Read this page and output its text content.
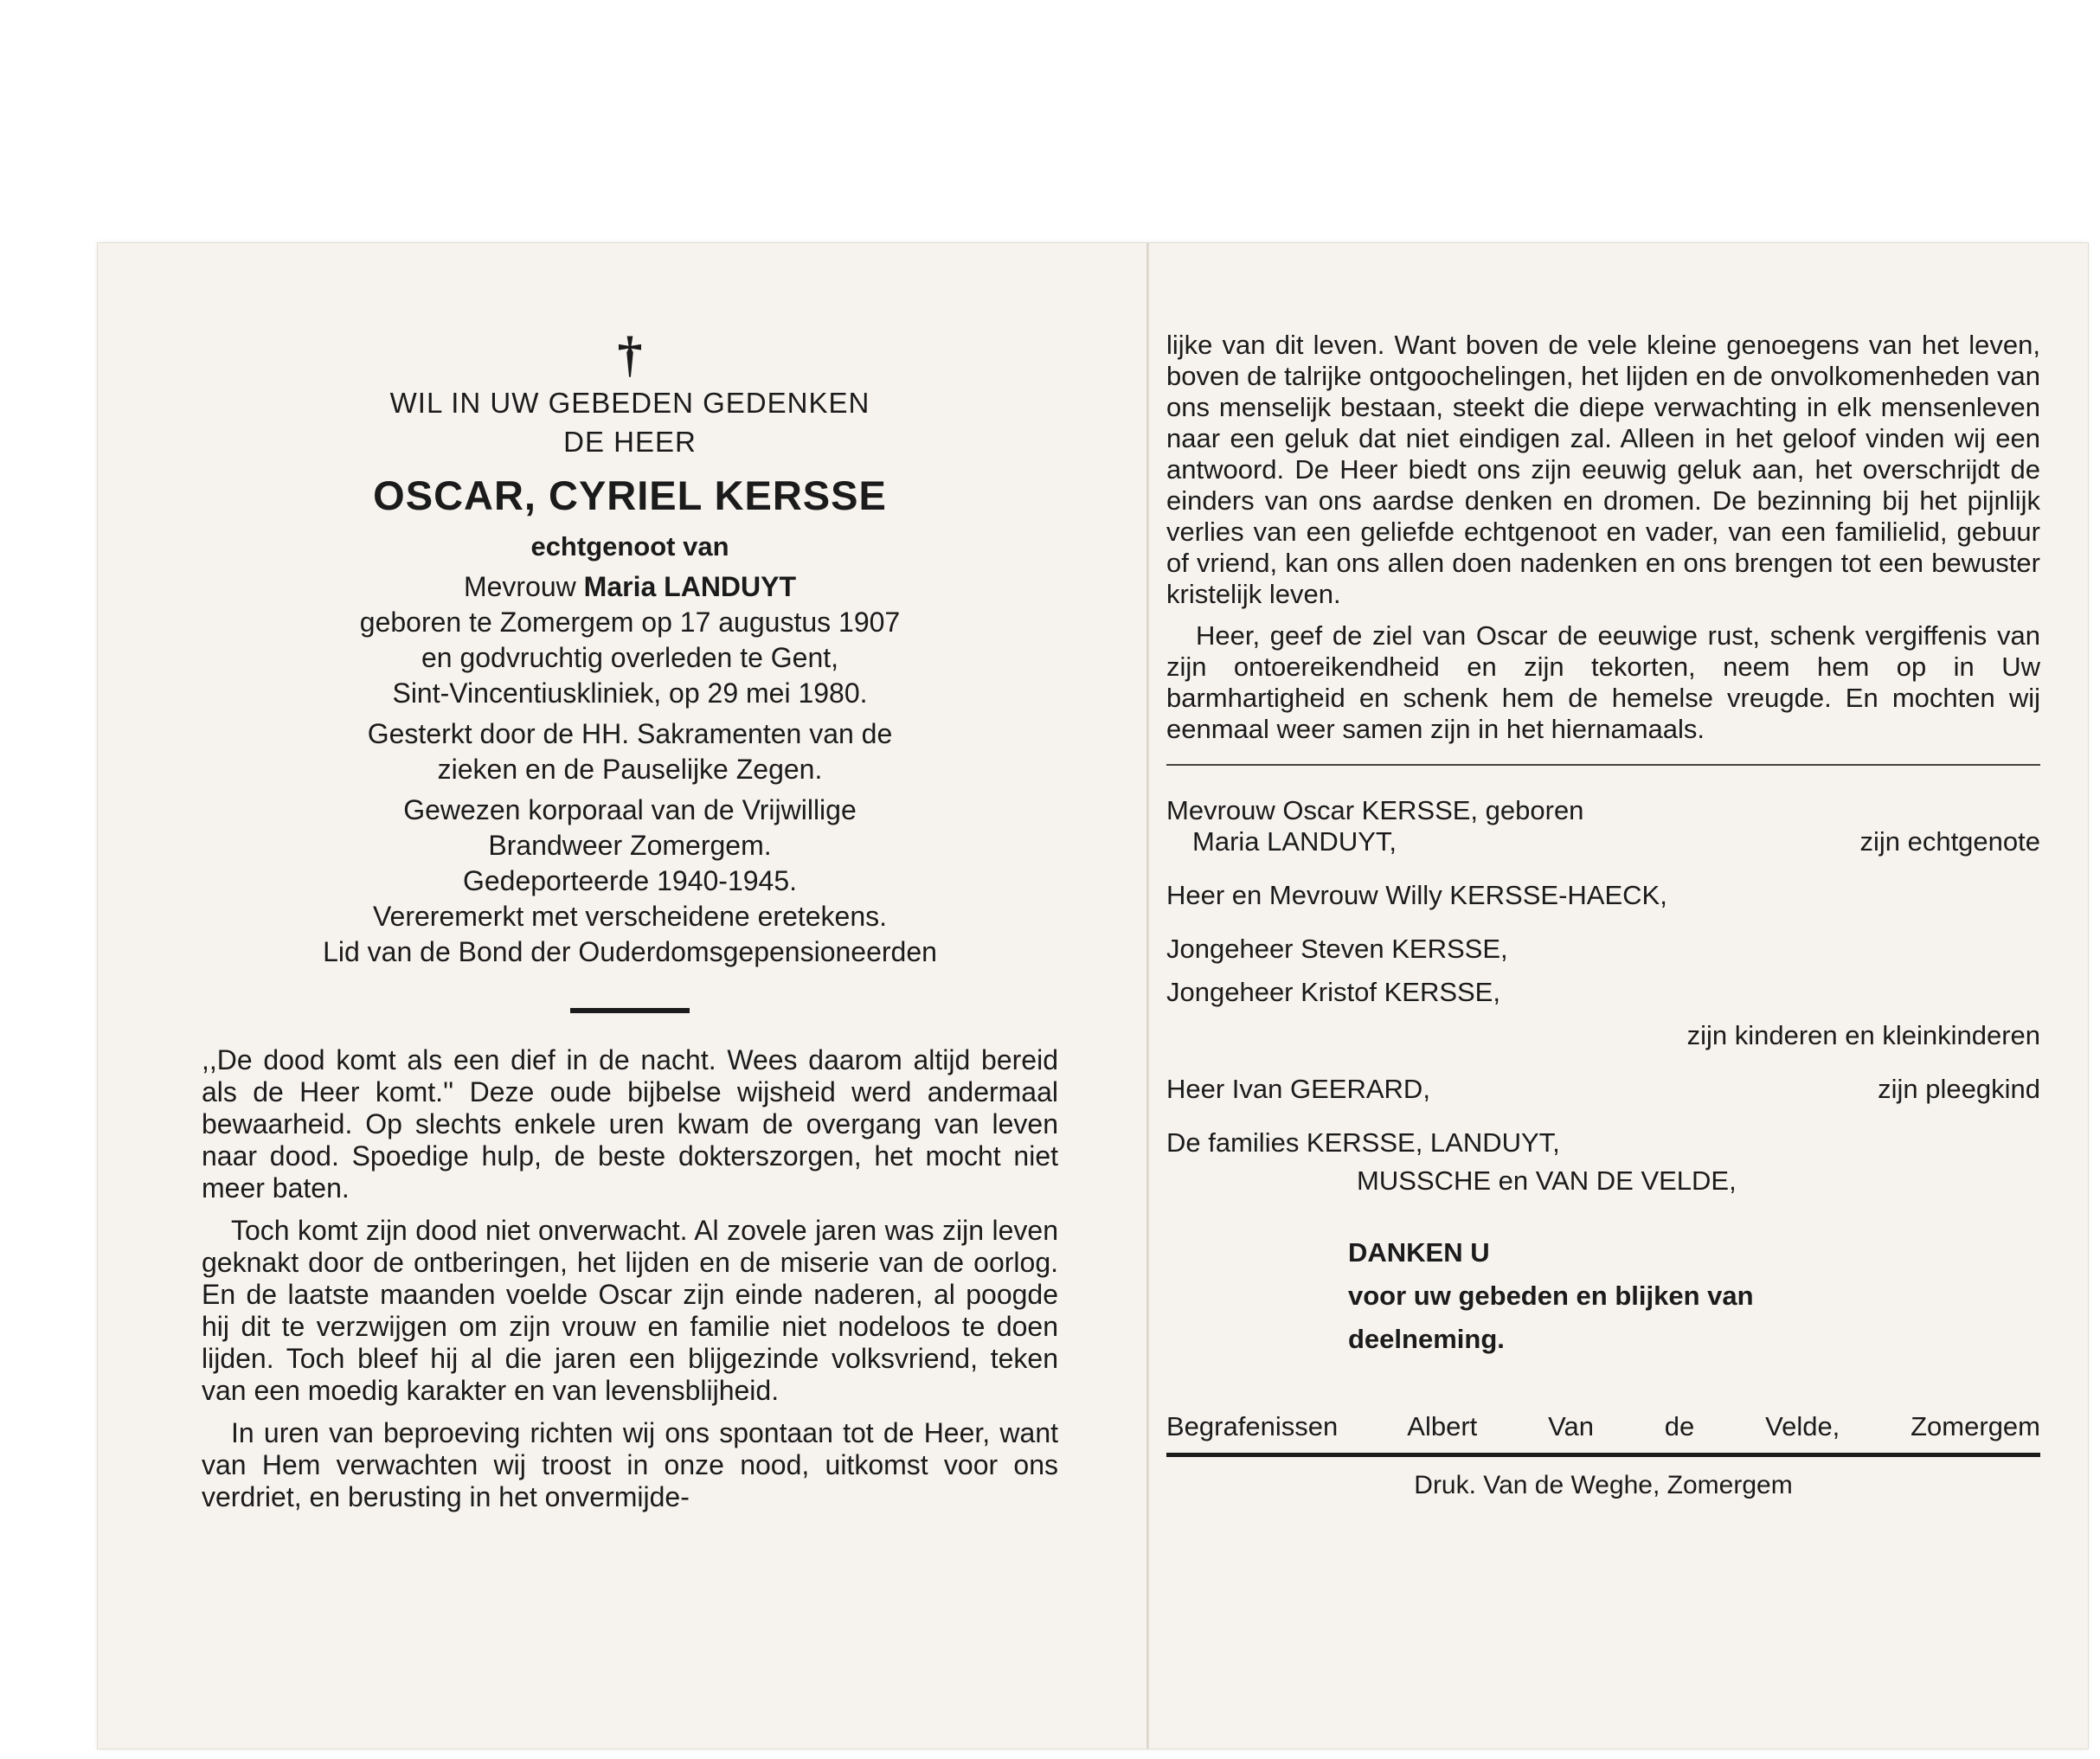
†
WIL IN UW GEBEDEN GEDENKEN
DE HEER
OSCAR, CYRIEL KERSSE
echtgenoot van
Mevrouw Maria LANDUYT
geboren te Zomergem op 17 augustus 1907
en godvruchtig overleden te Gent,
Sint-Vincentiuskliniek, op 29 mei 1980.
Gesterkt door de HH. Sakramenten van de
zieken en de Pauselijke Zegen.
Gewezen korporaal van de Vrijwillige
Brandweer Zomergem.
Gedeporteerde 1940-1945.
Vereremerkt met verscheidene eretekens.
Lid van de Bond der Ouderdomsgepensioneerden

,,De dood komt als een dief in de nacht. Wees daarom altijd bereid als de Heer komt.'' Deze oude bijbelse wijsheid werd andermaal bewaarheid. Op slechts enkele uren kwam de overgang van leven naar dood. Spoedige hulp, de beste dokterszorgen, het mocht niet meer baten.

Toch komt zijn dood niet onverwacht. Al zovele jaren was zijn leven geknakt door de ontberingen, het lijden en de miserie van de oorlog. En de laatste maanden voelde Oscar zijn einde naderen, al poogde hij dit te verzwijgen om zijn vrouw en familie niet nodeloos te doen lijden. Toch bleef hij al die jaren een blijgezinde volksvriend, teken van een moedig karakter en van levensblijheid.

In uren van beproeving richten wij ons spontaan tot de Heer, want van Hem verwachten wij troost in onze nood, uitkomst voor ons verdriet, en berusting in het onvermijde-

lijke van dit leven. Want boven de vele kleine genoegens van het leven, boven de talrijke ontgoochelingen, het lijden en de onvolkomenheden van ons menselijk bestaan, steekt die diepe verwachting in elk mensenleven naar een geluk dat niet eindigen zal. Alleen in het geloof vinden wij een antwoord. De Heer biedt ons zijn eeuwig geluk aan, het overschrijdt de einders van ons aardse denken en dromen. De bezinning bij het pijnlijk verlies van een geliefde echtgenoot en vader, van een familielid, gebuur of vriend, kan ons allen doen nadenken en ons brengen tot een bewuster kristelijk leven.

Heer, geef de ziel van Oscar de eeuwige rust, schenk vergiffenis van zijn ontoereikendheid en zijn tekorten, neem hem op in Uw barmhartigheid en schenk hem de hemelse vreugde. En mochten wij eenmaal weer samen zijn in het hiernamaals.

Mevrouw Oscar KERSSE, geboren
Maria LANDUYT,	zijn echtgenote
Heer en Mevrouw Willy KERSSE-HAECK,
Jongeheer Steven KERSSE,
Jongeheer Kristof KERSSE,
zijn kinderen en kleinkinderen
Heer Ivan GEERARD,	zijn pleegkind
De families KERSSE, LANDUYT,
MUSSCHE en VAN DE VELDE,
DANKEN U
voor uw gebeden en blijken van
deelneming.
Begrafenissen Albert Van de Velde, Zomergem
Druk. Van de Weghe, Zomergem
